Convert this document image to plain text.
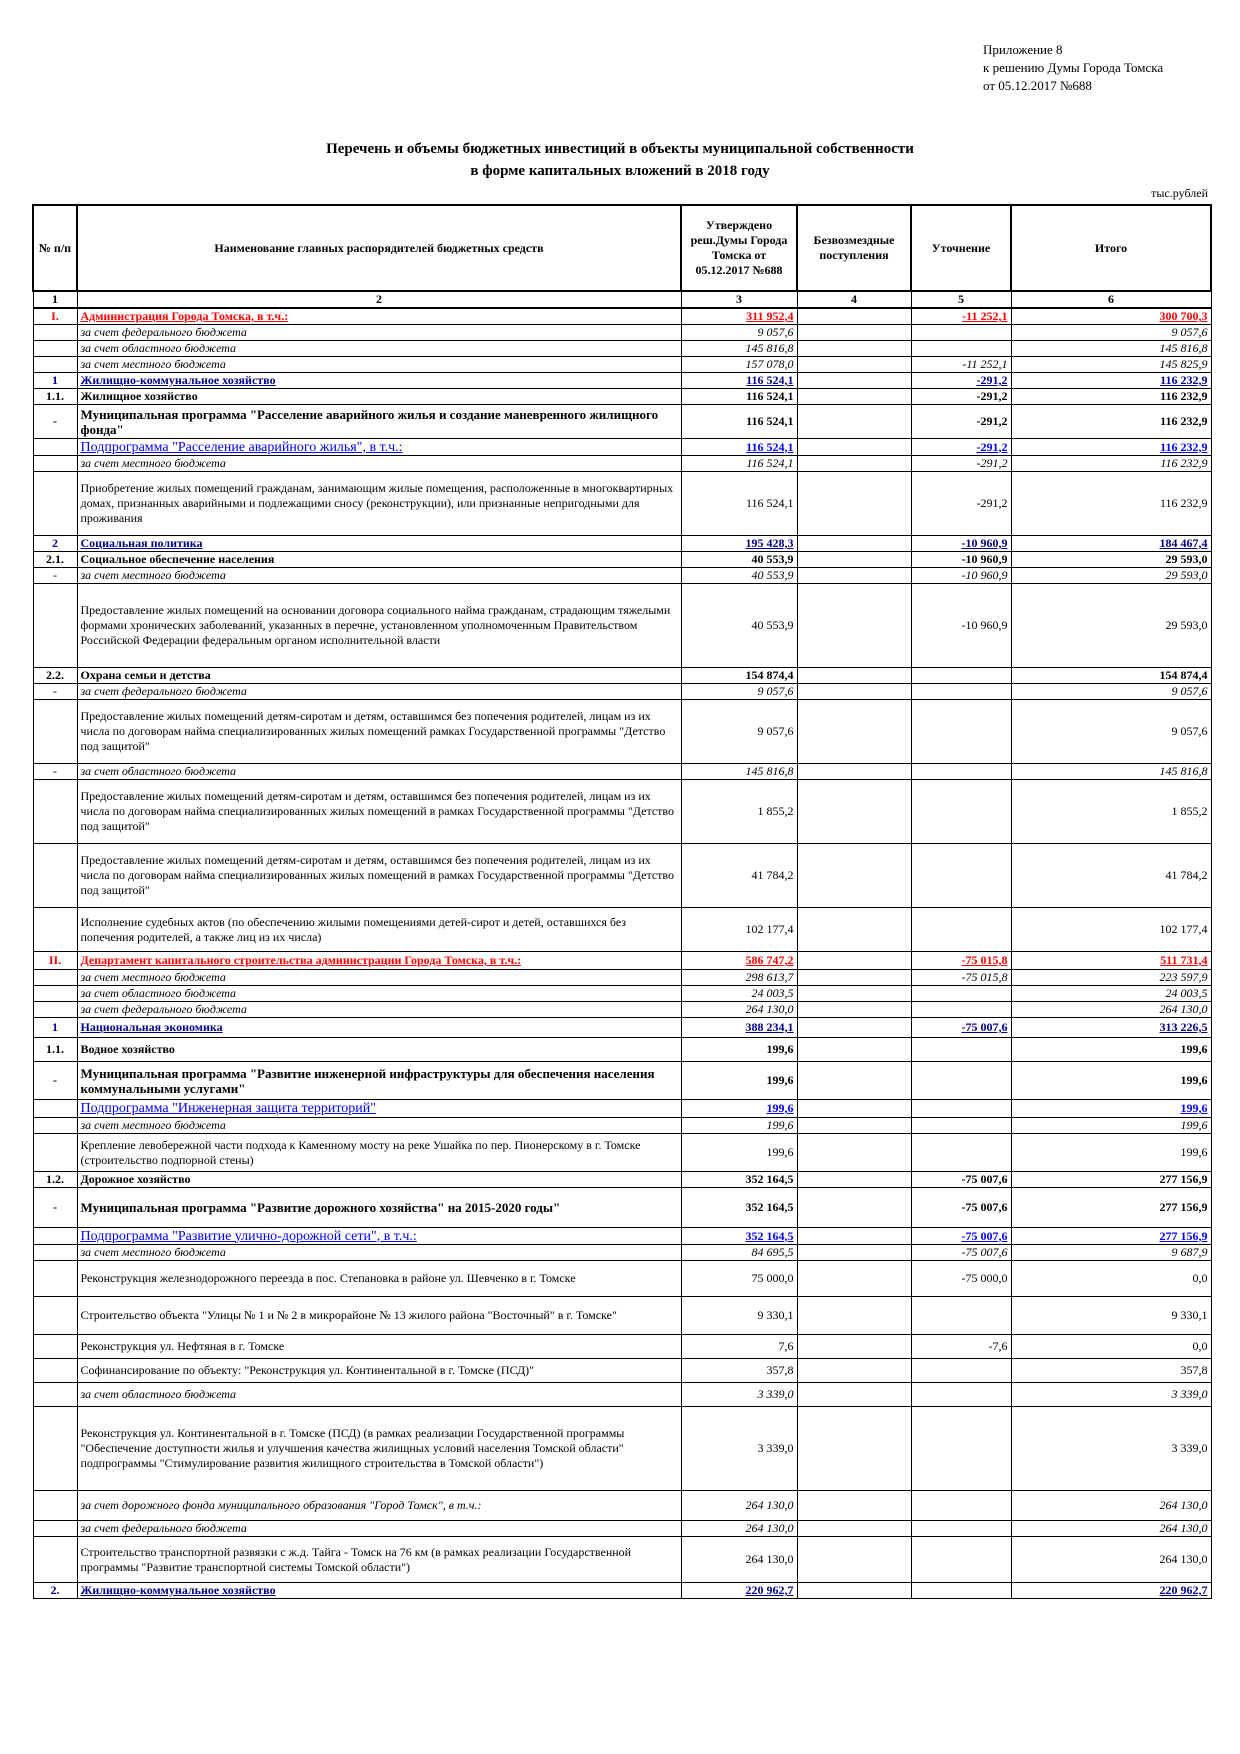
Приложение 8
к решению Думы Города Томска
от 05.12.2017 №688
Перечень и объемы бюджетных инвестиций в объекты муниципальной собственности
в форме капитальных вложений в 2018 году
тыс.рублей
№ п/п	Наименование главных распорядителей бюджетных средств	Утверждено реш.Думы Города Томска от 05.12.2017 №688	Безвозмездные поступления	Уточнение	Итого
1	2	3	4	5	6
I.	Администрация Города Томска, в т.ч.:	311 952,4		-11 252,1	300 700,3
	за счет федерального бюджета	9 057,6			9 057,6
	за счет областного бюджета	145 816,8			145 816,8
	за счет местного бюджета	157 078,0		-11 252,1	145 825,9
1	Жилищно-коммунальное хозяйство	116 524,1		-291,2	116 232,9
1.1.	Жилищное хозяйство	116 524,1		-291,2	116 232,9
-	Муниципальная программа "Расселение аварийного жилья и создание маневренного жилищного фонда"	116 524,1		-291,2	116 232,9
	Подпрограмма "Расселение аварийного жилья", в т.ч.:	116 524,1		-291,2	116 232,9
	за счет местного бюджета	116 524,1		-291,2	116 232,9
	Приобретение жилых помещений гражданам, занимающим жилые помещения, расположенные в многоквартирных домах, признанных аварийными и подлежащими сносу (реконструкции), или признанные непригодными для проживания	116 524,1		-291,2	116 232,9
2	Социальная политика	195 428,3		-10 960,9	184 467,4
2.1.	Социальное обеспечение населения	40 553,9		-10 960,9	29 593,0
-	за счет местного бюджета	40 553,9		-10 960,9	29 593,0
	Предоставление жилых помещений на основании договора социального найма гражданам, страдающим тяжелыми формами хронических заболеваний, указанных в перечне, установленном уполномоченным Правительством Российской Федерации федеральным органом исполнительной власти	40 553,9		-10 960,9	29 593,0
2.2.	Охрана семьи и детства	154 874,4			154 874,4
-	за счет федерального бюджета	9 057,6			9 057,6
	Предоставление жилых помещений детям-сиротам и детям, оставшимся без попечения родителей, лицам из их числа по договорам найма специализированных жилых помещений рамках Государственной программы "Детство под защитой"	9 057,6			9 057,6
-	за счет областного бюджета	145 816,8			145 816,8
	Предоставление жилых помещений детям-сиротам и детям, оставшимся без попечения родителей, лицам из их числа по договорам найма специализированных жилых помещений в рамках Государственной программы "Детство под защитой"	1 855,2			1 855,2
	Предоставление жилых помещений детям-сиротам и детям, оставшимся без попечения родителей, лицам из их числа по договорам найма специализированных жилых помещений в рамках Государственной программы "Детство под защитой"	41 784,2			41 784,2
	Исполнение судебных актов (по обеспечению жилыми помещениями детей-сирот и детей, оставшихся без попечения родителей, а также лиц из их числа)	102 177,4			102 177,4
II.	Департамент капитального строительства администрации Города Томска, в т.ч.:	586 747,2		-75 015,8	511 731,4
	за счет местного бюджета	298 613,7		-75 015,8	223 597,9
	за счет областного бюджета	24 003,5			24 003,5
	за счет федерального бюджета	264 130,0			264 130,0
1	Национальная экономика	388 234,1		-75 007,6	313 226,5
1.1.	Водное хозяйство	199,6			199,6
-	Муниципальная программа "Развитие инженерной инфраструктуры для обеспечения населения коммунальными услугами"	199,6			199,6
	Подпрограмма "Инженерная защита территорий"	199,6			199,6
	за счет местного бюджета	199,6			199,6
	Крепление левобережной части подхода к Каменному мосту на реке Ушайка по пер. Пионерскому в г. Томске (строительство подпорной стены)	199,6			199,6
1.2.	Дорожное хозяйство	352 164,5		-75 007,6	277 156,9
-	Муниципальная программа "Развитие дорожного хозяйства" на 2015-2020 годы"	352 164,5		-75 007,6	277 156,9
	Подпрограмма "Развитие улично-дорожной сети", в т.ч.:	352 164,5		-75 007,6	277 156,9
	за счет местного бюджета	84 695,5		-75 007,6	9 687,9
	Реконструкция железнодорожного переезда в пос. Степановка в районе ул. Шевченко в г. Томске	75 000,0		-75 000,0	0,0
	Строительство объекта "Улицы № 1 и № 2 в микрорайоне № 13 жилого района "Восточный" в г. Томске"	9 330,1			9 330,1
	Реконструкция ул. Нефтяная в г. Томске	7,6		-7,6	0,0
	Софинансирование по объекту: "Реконструкция ул. Континентальной в г. Томске (ПСД)"	357,8			357,8
	за счет областного бюджета	3 339,0			3 339,0
	Реконструкция ул. Континентальной в г. Томске (ПСД) (в рамках реализации Государственной программы "Обеспечение доступности жилья и улучшения качества жилищных условий населения Томской области" подпрограммы "Стимулирование развития жилищного строительства в Томской области")	3 339,0			3 339,0
	за счет дорожного фонда муниципального образования "Город Томск", в т.ч.:	264 130,0			264 130,0
	за счет федерального бюджета	264 130,0			264 130,0
	Строительство транспортной развязки с ж.д. Тайга - Томск на 76 км (в рамках реализации Государственной программы "Развитие транспортной системы Томской области")	264 130,0			264 130,0
2.	Жилищно-коммунальное хозяйство	220 962,7			220 962,7
